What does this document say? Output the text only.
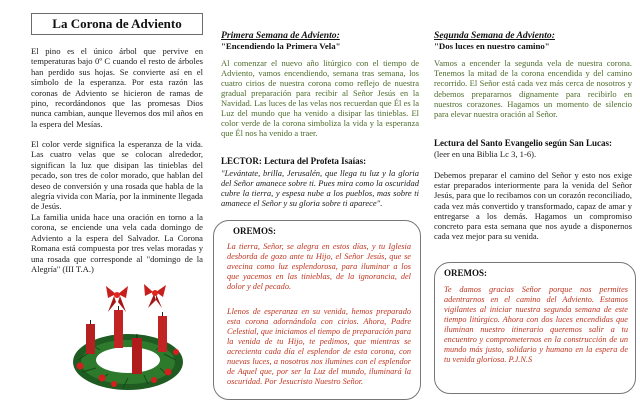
La Corona de Adviento

El pino es el único árbol que pervive en temperaturas bajo 0º C cuando el resto de árboles han perdido sus hojas. Se convierte así en el símbolo de la esperanza. Por esta razón las coronas de Adviento se hicieron de ramas de pino, recordándonos que las promesas Dios nunca cambian, aunque llevemos dos mil años en la espera del Mesías.

El color verde significa la esperanza de la vida. Las cuatro velas que se colocan alrededor, significan la luz que disipan las tinieblas del pecado, son tres de color morado, que hablan del deseo de conversión y una rosada que habla de la alegría vivida con María, por la inminente llegada de Jesús.

La familia unida hace una oración en torno a la corona, se enciende una vela cada domingo de Adviento a la espera del Salvador. La Corona Romana está compuesta por tres velas moradas y una rosada que corresponde al "domingo de la Alegría" (III T.A.)

Primera Semana de Adviento:

"Encendiendo la Primera Vela"

Al comenzar el nuevo año litúrgico con el tiempo de Adviento, vamos encendiendo, semana tras semana, los cuatro cirios de nuestra corona como reflejo de nuestra gradual preparación para recibir al Señor Jesús en la Navidad. Las luces de las velas nos recuerdan que Él es la Luz del mundo que ha venido a disipar las tinieblas. El color verde de la corona simboliza la vida y la esperanza que Él nos ha venido a traer.

LECTOR: Lectura del Profeta Isaías:

"Levántate, brilla, Jerusalén, que llega tu luz y la gloria del Señor amanece sobre ti. Pues mira como la oscuridad cubre la tierra, y espesa nube a los pueblos, mas sobre ti amanece el Señor y su gloria sobre ti aparece".

OREMOS:

La tierra, Señor, se alegra en estos días, y tu Iglesia desborda de gozo ante tu Hijo, el Señor Jesús, que se avecina como luz esplendorosa, para iluminar a los que yacemos en las tinieblas, de la ignorancia, del dolor y del pecado.

Llenos de esperanza en su venida, hemos preparado esta corona adornándola con cirios. Ahora, Padre Celestial, que iniciamos el tiempo de preparación para la venida de tu Hijo, te pedimos, que mientras se acrecienta cada día el esplendor de esta corona, con nuevas luces, a nosotros nos ilumines con el esplendor de Aquel que, por ser la Luz del mundo, iluminará la oscuridad. Por Jesucristo Nuestro Señor.

Segunda Semana de Adviento:

"Dos luces en nuestro camino"

Vamos a encender la segunda vela de nuestra corona. Tenemos la mitad de la corona encendida y del camino recorrido. El Señor está cada vez más cerca de nosotros y debemos prepararnos dignamente para recibirlo en nuestros corazones. Hagamos un momento de silencio para elevar nuestra oración al Señor.

Lectura del Santo Evangelio según San Lucas:

(leer en una Biblia Lc 3, 1-6).

Debemos preparar el camino del Señor y esto nos exige estar preparados interiormente para la venida del Señor Jesús, para que lo recibamos con un corazón reconciliado, cada vez más convertido y transformado, capaz de amar y entregarse a los demás. Hagamos un compromiso concreto para esta semana que nos ayude a disponernos cada vez mejor para su venida.

OREMOS:

Te damos gracias Señor porque nos permites adentrarnos en el camino del Adviento. Estamos vigilantes al iniciar nuestra segunda semana de este tiempo litúrgico. Ahora con dos luces encendidas que iluminan nuestro itinerario queremos salir a tu encuentro y comprometernos en la construcción de un mundo más justo, solidario y humano en la espera de tu venida gloriosa. P.J.N.S
